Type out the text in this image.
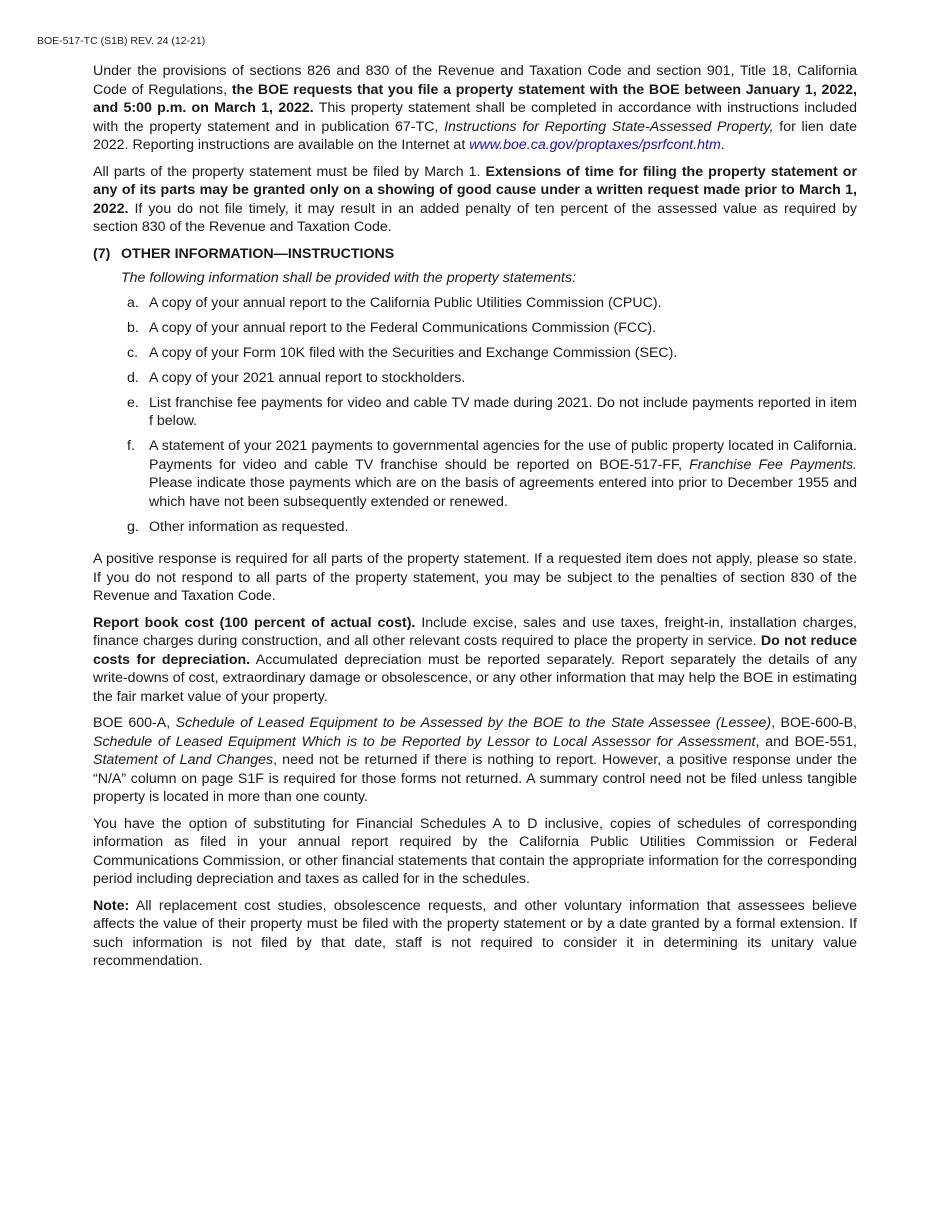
BOE-517-TC (S1B) REV. 24 (12-21)

Under the provisions of sections 826 and 830 of the Revenue and Taxation Code and section 901, Title 18, California Code of Regulations, the BOE requests that you file a property statement with the BOE between January 1, 2022, and 5:00 p.m. on March 1, 2022. This property statement shall be completed in accordance with instructions included with the property statement and in publication 67-TC, Instructions for Reporting State-Assessed Property, for lien date 2022. Reporting instructions are available on the Internet at www.boe.ca.gov/proptaxes/psrfcont.htm.

All parts of the property statement must be filed by March 1. Extensions of time for filing the property statement or any of its parts may be granted only on a showing of good cause under a written request made prior to March 1, 2022. If you do not file timely, it may result in an added penalty of ten percent of the assessed value as required by section 830 of the Revenue and Taxation Code.

(7) OTHER INFORMATION—INSTRUCTIONS

The following information shall be provided with the property statements:

a. A copy of your annual report to the California Public Utilities Commission (CPUC).
b. A copy of your annual report to the Federal Communications Commission (FCC).
c. A copy of your Form 10K filed with the Securities and Exchange Commission (SEC).
d. A copy of your 2021 annual report to stockholders.
e. List franchise fee payments for video and cable TV made during 2021. Do not include payments reported in item f below.
f. A statement of your 2021 payments to governmental agencies for the use of public property located in California. Payments for video and cable TV franchise should be reported on BOE-517-FF, Franchise Fee Payments. Please indicate those payments which are on the basis of agreements entered into prior to December 1955 and which have not been subsequently extended or renewed.
g. Other information as requested.

A positive response is required for all parts of the property statement. If a requested item does not apply, please so state. If you do not respond to all parts of the property statement, you may be subject to the penalties of section 830 of the Revenue and Taxation Code.

Report book cost (100 percent of actual cost). Include excise, sales and use taxes, freight-in, installation charges, finance charges during construction, and all other relevant costs required to place the property in service. Do not reduce costs for depreciation. Accumulated depreciation must be reported separately. Report separately the details of any write-downs of cost, extraordinary damage or obsolescence, or any other information that may help the BOE in estimating the fair market value of your property.

BOE 600-A, Schedule of Leased Equipment to be Assessed by the BOE to the State Assessee (Lessee), BOE-600-B, Schedule of Leased Equipment Which is to be Reported by Lessor to Local Assessor for Assessment, and BOE-551, Statement of Land Changes, need not be returned if there is nothing to report. However, a positive response under the “N/A” column on page S1F is required for those forms not returned. A summary control need not be filed unless tangible property is located in more than one county.

You have the option of substituting for Financial Schedules A to D inclusive, copies of schedules of corresponding information as filed in your annual report required by the California Public Utilities Commission or Federal Communications Commission, or other financial statements that contain the appropriate information for the corresponding period including depreciation and taxes as called for in the schedules.

Note: All replacement cost studies, obsolescence requests, and other voluntary information that assessees believe affects the value of their property must be filed with the property statement or by a date granted by a formal extension. If such information is not filed by that date, staff is not required to consider it in determining its unitary value recommendation.
